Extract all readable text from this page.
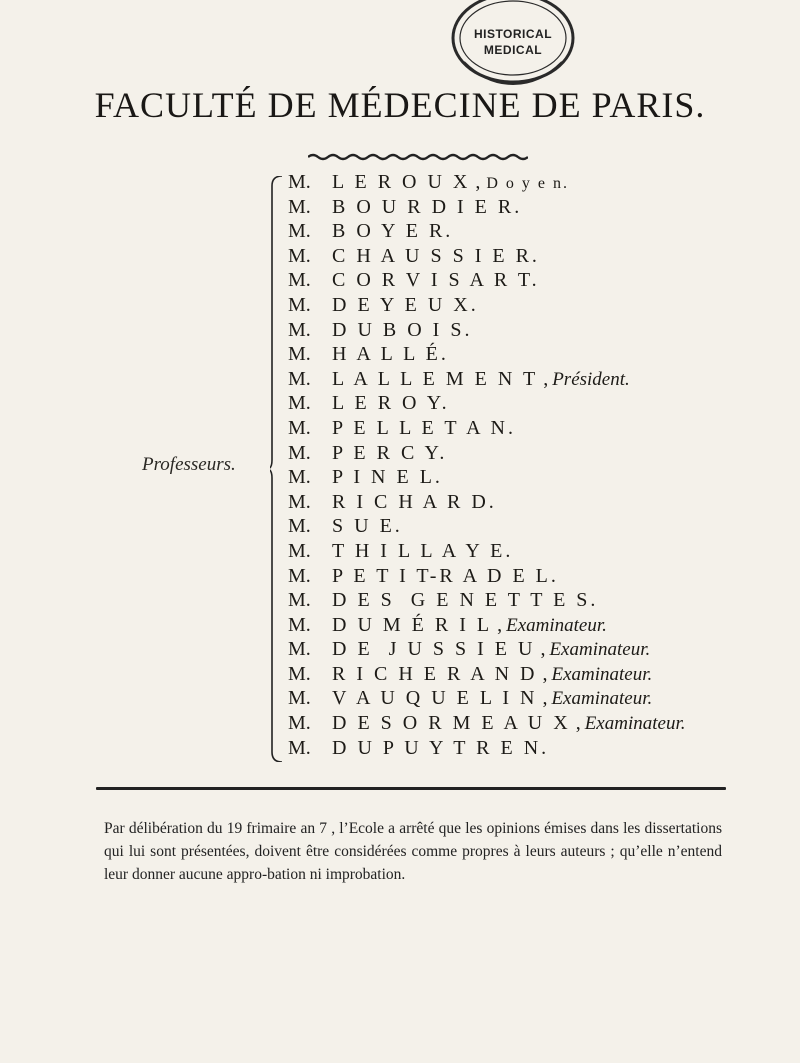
HISTORICAL
MEDICAL
FACULTÉ DE MÉDECINE DE PARIS.
Professeurs.
M. L E R O U X , D o y e n.
M. B O U R D I E R.
M. B O Y E R.
M. C H A U S S I E R.
M. C O R V I S A R T.
M. D E Y E U X.
M. D U B O I S.
M. H A L L É.
M. L A L L E M E N T , Président.
M. L E R O Y.
M. P E L L E T A N.
M. P E R C Y.
M. P I N E L.
M. R I C H A R D.
M. S U E.
M. T H I L L A Y E.
M. P E T I T-R A D E L.
M. D E S  G E N E T T E S.
M. D U M É R I L , Examinateur.
M. D E  J U S S I E U , Examinateur.
M. R I C H E R A N D , Examinateur.
M. V A U Q U E L I N , Examinateur.
M. D E S O R M E A U X , Examinateur.
M. D U P U Y T R E N.

Par délibération du 19 frimaire an 7 , l’Ecole a arrêté que les opinions émises dans les dissertations qui lui sont présentées, doivent être considérées comme propres à leurs auteurs ; qu’elle n’entend leur donner aucune appro-bation ni improbation.
